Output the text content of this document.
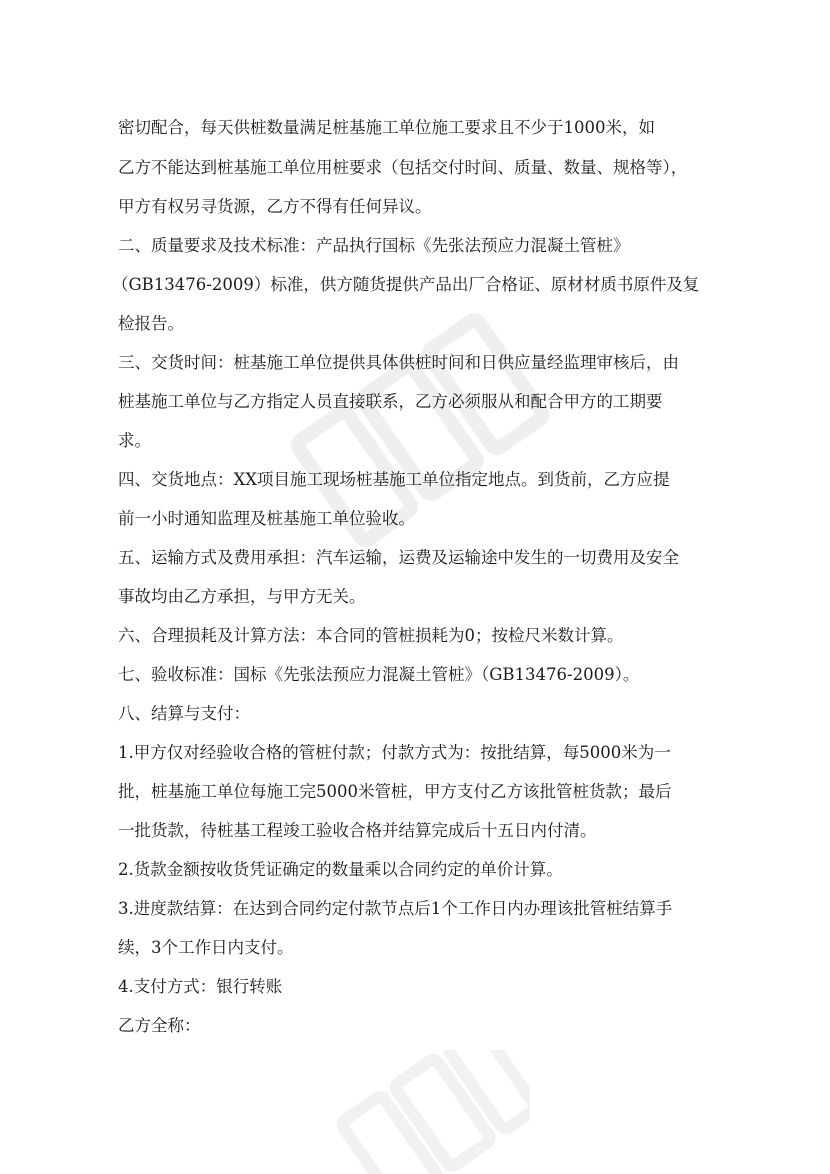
密切配合，每天供桩数量满足桩基施工单位施工要求且不少于1000米，如
乙方不能达到桩基施工单位用桩要求（包括交付时间、质量、数量、规格等），
甲方有权另寻货源，乙方不得有任何异议。
二、质量要求及技术标准：产品执行国标《先张法预应力混凝土管桩》
（GB13476-2009）标准，供方随货提供产品出厂合格证、原材材质书原件及复
检报告。
三、交货时间：桩基施工单位提供具体供桩时间和日供应量经监理审核后，由
桩基施工单位与乙方指定人员直接联系，乙方必须服从和配合甲方的工期要
求。
四、交货地点：XX项目施工现场桩基施工单位指定地点。到货前，乙方应提
前一小时通知监理及桩基施工单位验收。
五、运输方式及费用承担：汽车运输，运费及运输途中发生的一切费用及安全
事故均由乙方承担，与甲方无关。
六、合理损耗及计算方法：本合同的管桩损耗为0；按检尺米数计算。
七、验收标准：国标《先张法预应力混凝土管桩》（GB13476-2009）。
八、结算与支付：
1.甲方仅对经验收合格的管桩付款；付款方式为：按批结算，每5000米为一
批，桩基施工单位每施工完5000米管桩，甲方支付乙方该批管桩货款；最后
一批货款，待桩基工程竣工验收合格并结算完成后十五日内付清。
2.货款金额按收货凭证确定的数量乘以合同约定的单价计算。
3.进度款结算：在达到合同约定付款节点后1个工作日内办理该批管桩结算手
续，3个工作日内支付。
4.支付方式：银行转账
乙方全称：
